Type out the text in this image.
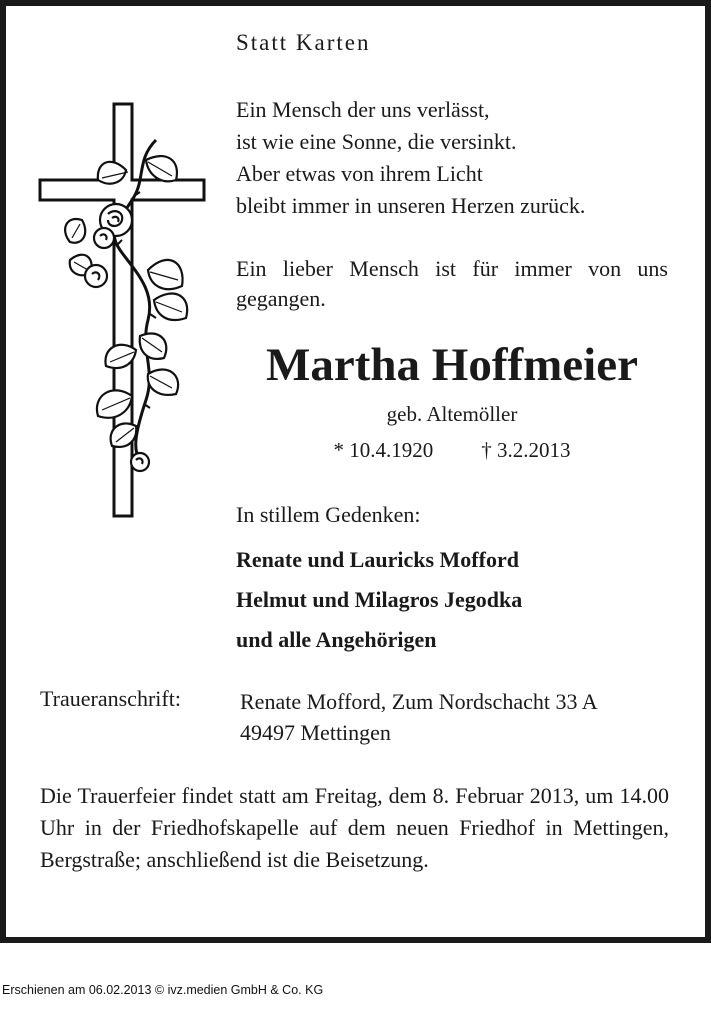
Statt Karten
Ein Mensch der uns verlässt,
ist wie eine Sonne, die versinkt.
Aber etwas von ihrem Licht
bleibt immer in unseren Herzen zurück.
Ein lieber Mensch ist für immer von uns gegangen.
Martha Hoffmeier
geb. Altemöller
* 10.4.1920 † 3.2.2013
In stillem Gedenken:
Renate und Lauricks Mofford
Helmut und Milagros Jegodka
und alle Angehörigen
Traueranschrift:	Renate Mofford, Zum Nordschacht 33 A
49497 Mettingen
Die Trauerfeier findet statt am Freitag, dem 8. Februar 2013, um 14.00 Uhr in der Friedhofskapelle auf dem neuen Friedhof in Mettingen, Bergstraße; anschließend ist die Beisetzung.
Erschienen am 06.02.2013 © ivz.medien GmbH & Co. KG
